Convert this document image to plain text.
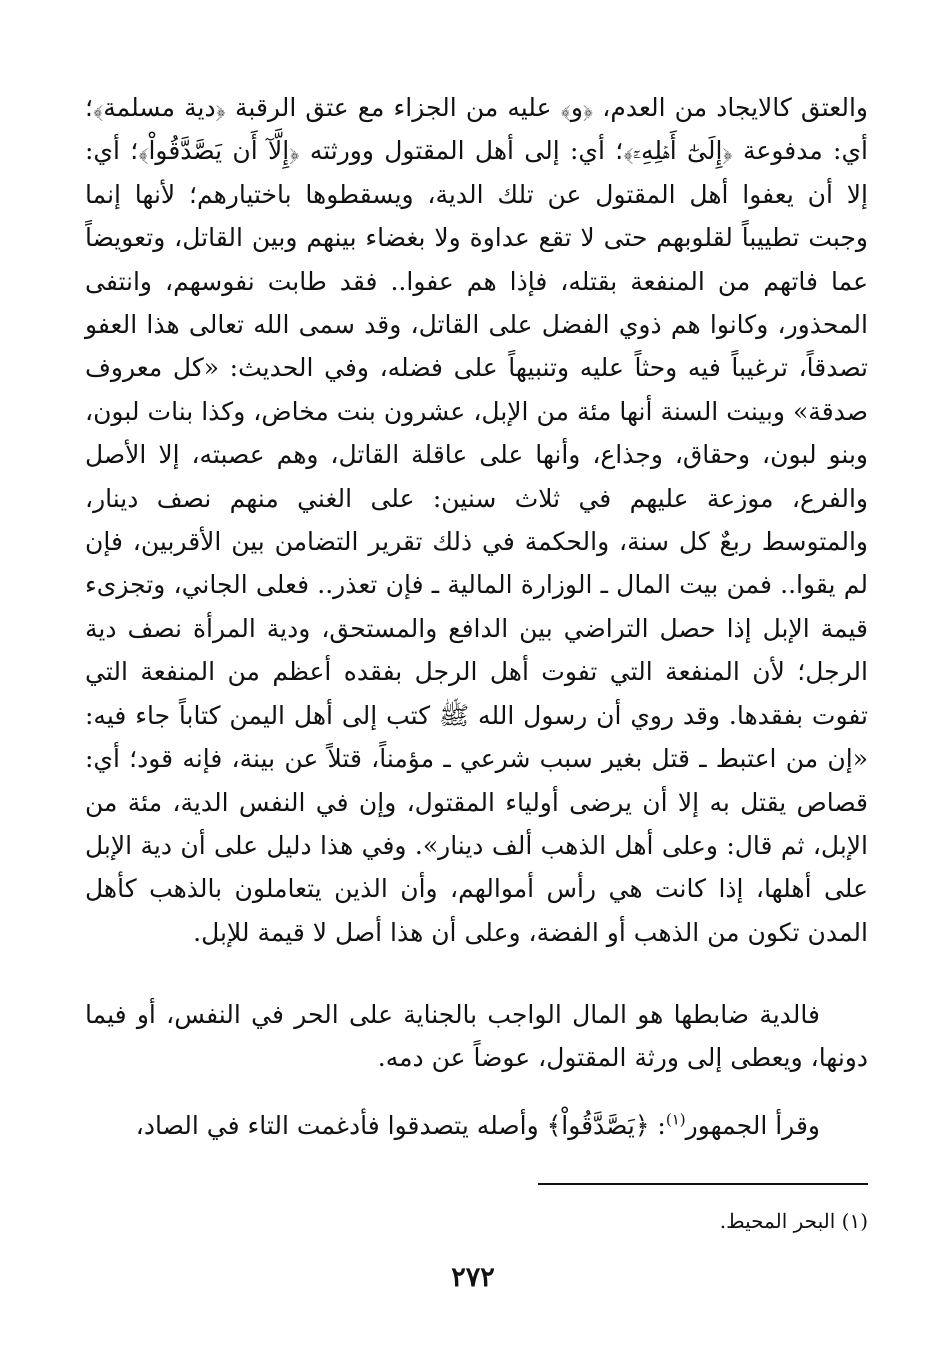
والعتق كالايجاد من العدم، ﴿و﴾ عليه من الجزاء مع عتق الرقبة ﴿دية مسلمة﴾؛ أي: مدفوعة ﴿إِلَىٰٓ أَهۡلِهِۦٓ﴾؛ أي: إلى أهل المقتول وورثته ﴿إِلَّآ أَن يَصَّدَّقُواْ﴾؛ أي: إلا أن يعفوا أهل المقتول عن تلك الدية، ويسقطوها باختيارهم؛ لأنها إنما وجبت تطييباً لقلوبهم حتى لا تقع عداوة ولا بغضاء بينهم وبين القاتل، وتعويضاً عما فاتهم من المنفعة بقتله، فإذا هم عفوا.. فقد طابت نفوسهم، وانتفى المحذور، وكانوا هم ذوي الفضل على القاتل، وقد سمى الله تعالى هذا العفو تصدقاً، ترغيباً فيه وحثاً عليه وتنبيهاً على فضله، وفي الحديث: «كل معروف صدقة» وبينت السنة أنها مئة من الإبل، عشرون بنت مخاض، وكذا بنات لبون، وبنو لبون، وحقاق، وجذاع، وأنها على عاقلة القاتل، وهم عصبته، إلا الأصل والفرع، موزعة عليهم في ثلاث سنين: على الغني منهم نصف دينار، والمتوسط ربعٌ كل سنة، والحكمة في ذلك تقرير التضامن بين الأقربين، فإن لم يقوا.. فمن بيت المال ـ الوزارة المالية ـ فإن تعذر.. فعلى الجاني، وتجزىء قيمة الإبل إذا حصل التراضي بين الدافع والمستحق، ودية المرأة نصف دية الرجل؛ لأن المنفعة التي تفوت أهل الرجل بفقده أعظم من المنفعة التي تفوت بفقدها. وقد روي أن رسول الله ﷺ كتب إلى أهل اليمن كتاباً جاء فيه: «إن من اعتبط ـ قتل بغير سبب شرعي ـ مؤمناً، قتلاً عن بينة، فإنه قود؛ أي: قصاص يقتل به إلا أن يرضى أولياء المقتول، وإن في النفس الدية، مئة من الإبل، ثم قال: وعلى أهل الذهب ألف دينار». وفي هذا دليل على أن دية الإبل على أهلها، إذا كانت هي رأس أموالهم، وأن الذين يتعاملون بالذهب كأهل المدن تكون من الذهب أو الفضة، وعلى أن هذا أصل لا قيمة للإبل.

فالدية ضابطها هو المال الواجب بالجناية على الحر في النفس، أو فيما دونها، ويعطى إلى ورثة المقتول، عوضاً عن دمه.

وقرأ الجمهور$^{(١)}$: ﴿يَصَّدَّقُواْ﴾ وأصله يتصدقوا فأدغمت التاء في الصاد،

(١) البحر المحيط.
٢٧٢
